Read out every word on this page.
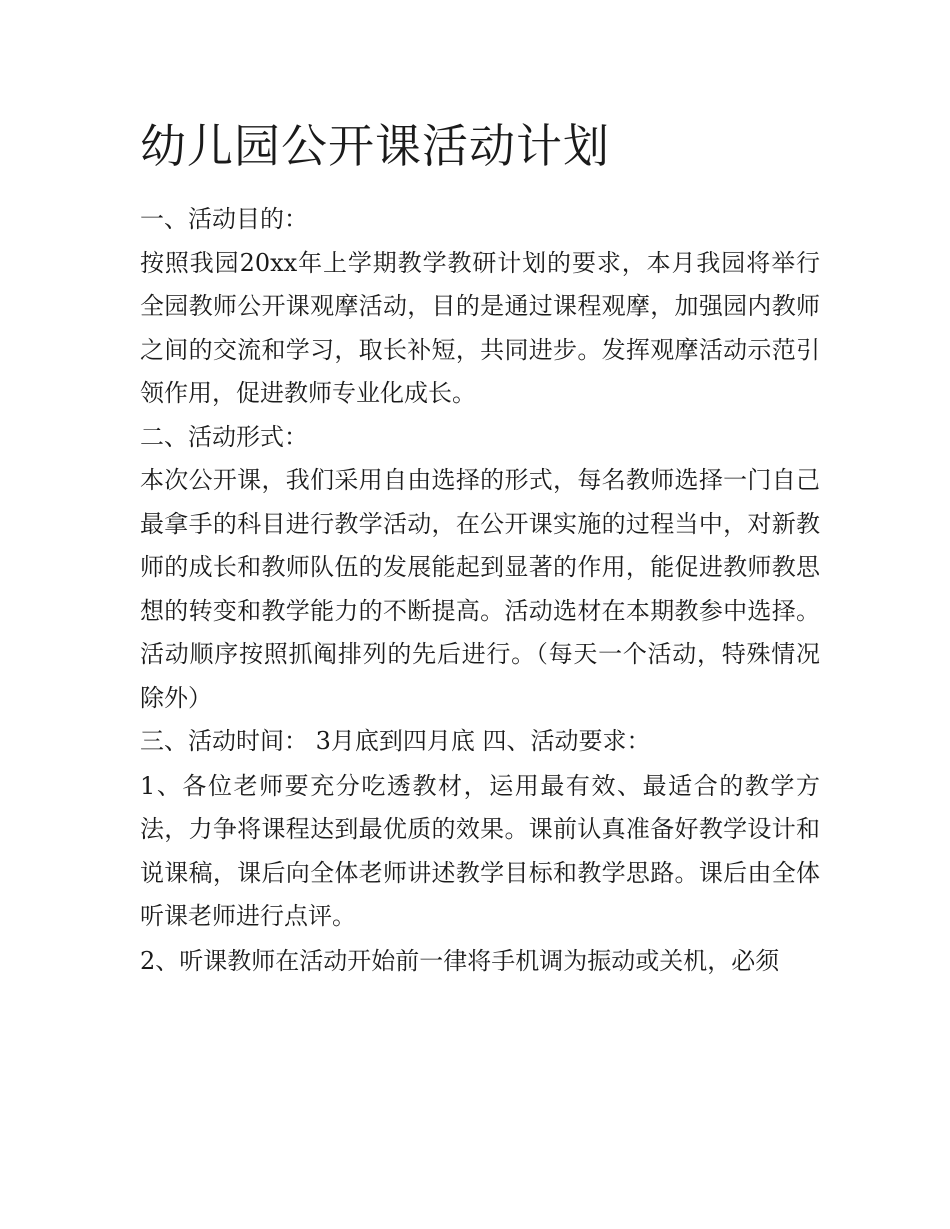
幼儿园公开课活动计划

一、活动目的：

按照我园20xx年上学期教学教研计划的要求，本月我园将举行全园教师公开课观摩活动，目的是通过课程观摩，加强园内教师之间的交流和学习，取长补短，共同进步。发挥观摩活动示范引领作用，促进教师专业化成长。

二、活动形式：

本次公开课，我们采用自由选择的形式，每名教师选择一门自己最拿手的科目进行教学活动，在公开课实施的过程当中，对新教师的成长和教师队伍的发展能起到显著的作用，能促进教师教思想的转变和教学能力的不断提高。活动选材在本期教参中选择。活动顺序按照抓阄排列的先后进行。（每天一个活动，特殊情况除外）

三、活动时间： 3月底到四月底 四、活动要求：

1、各位老师要充分吃透教材，运用最有效、最适合的教学方法，力争将课程达到最优质的效果。课前认真准备好教学设计和说课稿，课后向全体老师讲述教学目标和教学思路。课后由全体听课老师进行点评。

2、听课教师在活动开始前一律将手机调为振动或关机，必须
